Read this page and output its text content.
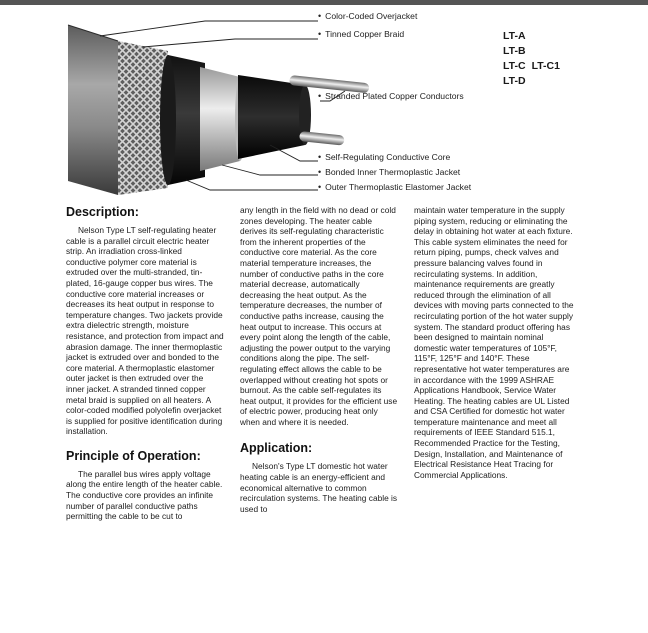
• Color-Coded Overjacket
• Tinned Copper Braid
• Stranded Plated Copper Conductors
• Self-Regulating Conductive Core
• Bonded Inner Thermoplastic Jacket
• Outer Thermoplastic Elastomer Jacket
LT-A
LT-B
LT-C LT-C1
LT-D
Description:

Nelson Type LT self-regulating heater cable is a parallel circuit electric heater strip. An irradiation cross-linked conductive polymer core material is extruded over the multi-stranded, tin-plated, 16-gauge copper bus wires. The conductive core material increases or decreases its heat output in response to temperature changes. Two jackets provide extra dielectric strength, moisture resistance, and protection from impact and abrasion damage. The inner thermoplastic jacket is extruded over and bonded to the core material. A thermoplastic elastomer outer jacket is then extruded over the inner jacket. A stranded tinned copper metal braid is supplied on all heaters. A color-coded modified polyolefin overjacket is supplied for positive identification during installation.

Principle of Operation:

The parallel bus wires apply voltage along the entire length of the heater cable. The conductive core provides an infinite number of parallel conductive paths permitting the cable to be cut to

any length in the field with no dead or cold zones developing. The heater cable derives its self-regulating characteristic from the inherent properties of the conductive core material. As the core material temperature increases, the number of conductive paths in the core material decrease, automatically decreasing the heat output. As the temperature decreases, the number of conductive paths increase, causing the heat output to increase. This occurs at every point along the length of the cable, adjusting the power output to the varying conditions along the pipe. The self-regulating effect allows the cable to be overlapped without creating hot spots or burnout. As the cable self-regulates its heat output, it provides for the efficient use of electric power, producing heat only when and where it is needed.

Application:

Nelson's Type LT domestic hot water heating cable is an energy-efficient and economical alternative to common recirculation systems. The heating cable is used to

maintain water temperature in the supply piping system, reducing or eliminating the delay in obtaining hot water at each fixture. This cable system eliminates the need for return piping, pumps, check valves and pressure balancing valves found in recirculating systems. In addition, maintenance requirements are greatly reduced through the elimination of all devices with moving parts connected to the recirculating portion of the hot water supply system. The standard product offering has been designed to maintain nominal domestic water temperatures of 105°F, 115°F, 125°F and 140°F. These representative hot water temperatures are in accordance with the 1999 ASHRAE Applications Handbook, Service Water Heating. The heating cables are UL Listed and CSA Certified for domestic hot water temperature maintenance and meet all requirements of IEEE Standard 515.1, Recommended Practice for the Testing, Design, Installation, and Maintenance of Electrical Resistance Heat Tracing for Commercial Applications.
